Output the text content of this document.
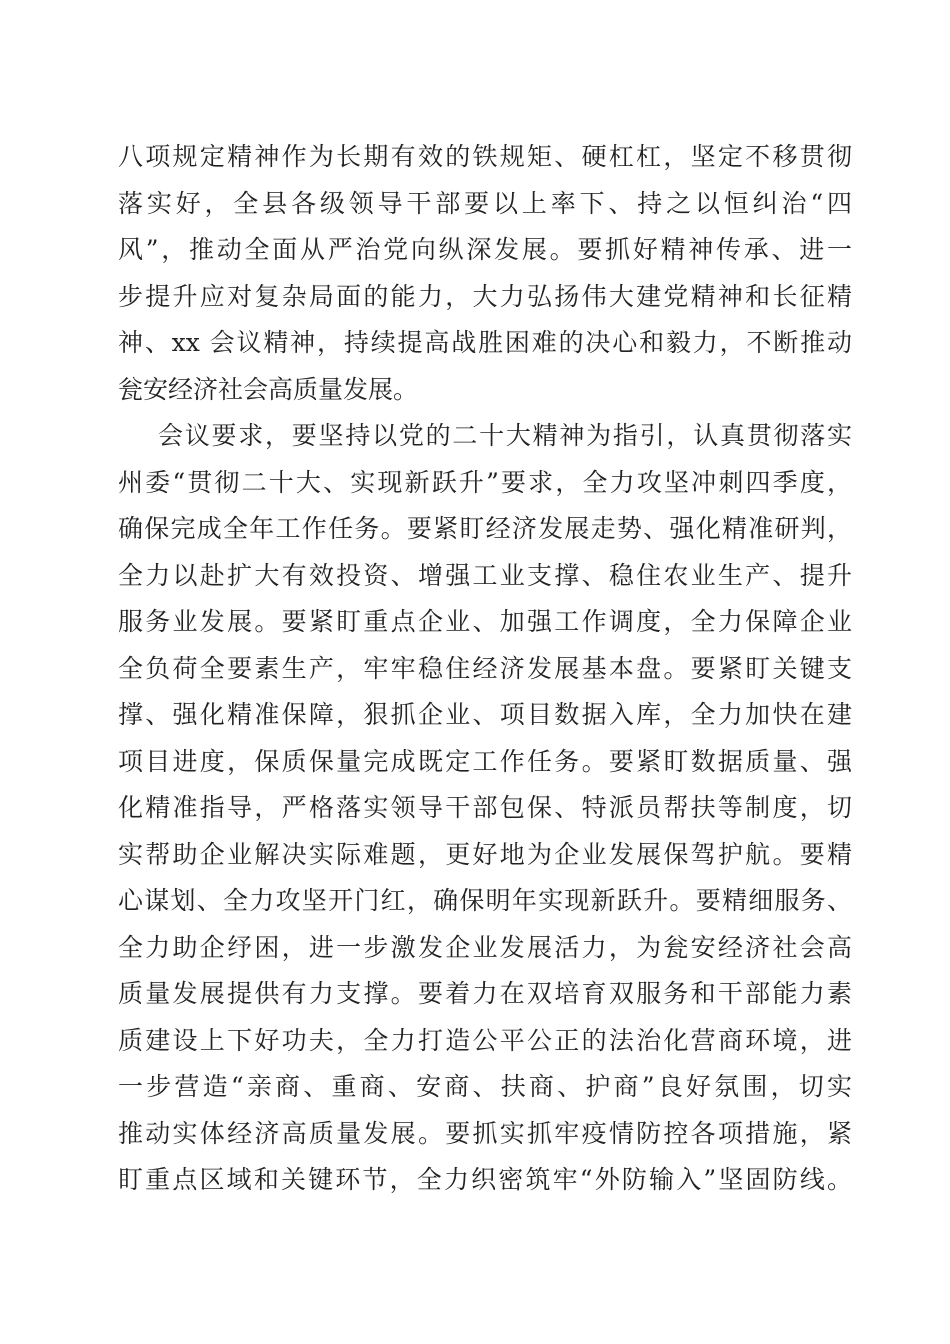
八项规定精神作为长期有效的铁规矩、硬杠杠，坚定不移贯彻
落实好，全县各级领导干部要以上率下、持之以恒纠治“四
风”，推动全面从严治党向纵深发展。要抓好精神传承、进一
步提升应对复杂局面的能力，大力弘扬伟大建党精神和长征精
神、xx 会议精神，持续提高战胜困难的决心和毅力，不断推动
瓮安经济社会高质量发展。
会议要求，要坚持以党的二十大精神为指引，认真贯彻落实
州委“贯彻二十大、实现新跃升”要求，全力攻坚冲刺四季度，
确保完成全年工作任务。要紧盯经济发展走势、强化精准研判，
全力以赴扩大有效投资、增强工业支撑、稳住农业生产、提升
服务业发展。要紧盯重点企业、加强工作调度，全力保障企业
全负荷全要素生产，牢牢稳住经济发展基本盘。要紧盯关键支
撑、强化精准保障，狠抓企业、项目数据入库，全力加快在建
项目进度，保质保量完成既定工作任务。要紧盯数据质量、强
化精准指导，严格落实领导干部包保、特派员帮扶等制度，切
实帮助企业解决实际难题，更好地为企业发展保驾护航。要精
心谋划、全力攻坚开门红，确保明年实现新跃升。要精细服务、
全力助企纾困，进一步激发企业发展活力，为瓮安经济社会高
质量发展提供有力支撑。要着力在双培育双服务和干部能力素
质建设上下好功夫，全力打造公平公正的法治化营商环境，进
一步营造“亲商、重商、安商、扶商、护商”良好氛围，切实
推动实体经济高质量发展。要抓实抓牢疫情防控各项措施，紧
盯重点区域和关键环节，全力织密筑牢“外防输入”坚固防线。
